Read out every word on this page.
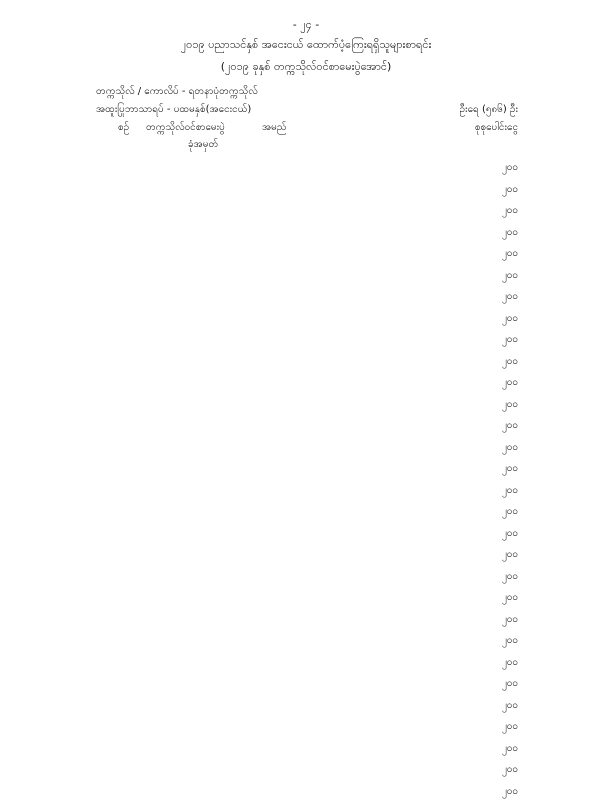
- ၂၄ -
၂၀၁၉ ပညာသင်နှစ် အငေးငယ် ထောက်ပံ့ကြေးရရှိသူများစာရင်း
(၂၀၁၉ ခုနှစ် တက္ကသိုလ်ဝင်စာမေးပွဲအောင်)
တက္ကသိုလ် / ကောလိပ် - ရတနာပုံတက္ကသိုလ်
အထူးပြုဘာသာရပ် - ပထမနှစ်(အငေးငယ်)	ဦးရေ (၅၈၆) ဦး
စဉ် တက္ကသိုလ်ဝင်စာမေးပွဲ
ခုံအမှတ်
အမည်	စုစုပေါင်းငွေ
၂၀၀
၂၀၀
၂၀၀
၂၀၀
၂၀၀
၂၀၀
၂၀၀
၂၀၀
၂၀၀
၂၀၀
၂၀၀
၂၀၀
၂၀၀
၂၀၀
၂၀၀
၂၀၀
၂၀၀
၂၀၀
၂၀၀
၂၀၀
၂၀၀
၂၀၀
၂၀၀
၂၀၀
၂၀၀
၂၀၀
၂၀၀
၂၀၀
၂၀၀
၂၀၀
